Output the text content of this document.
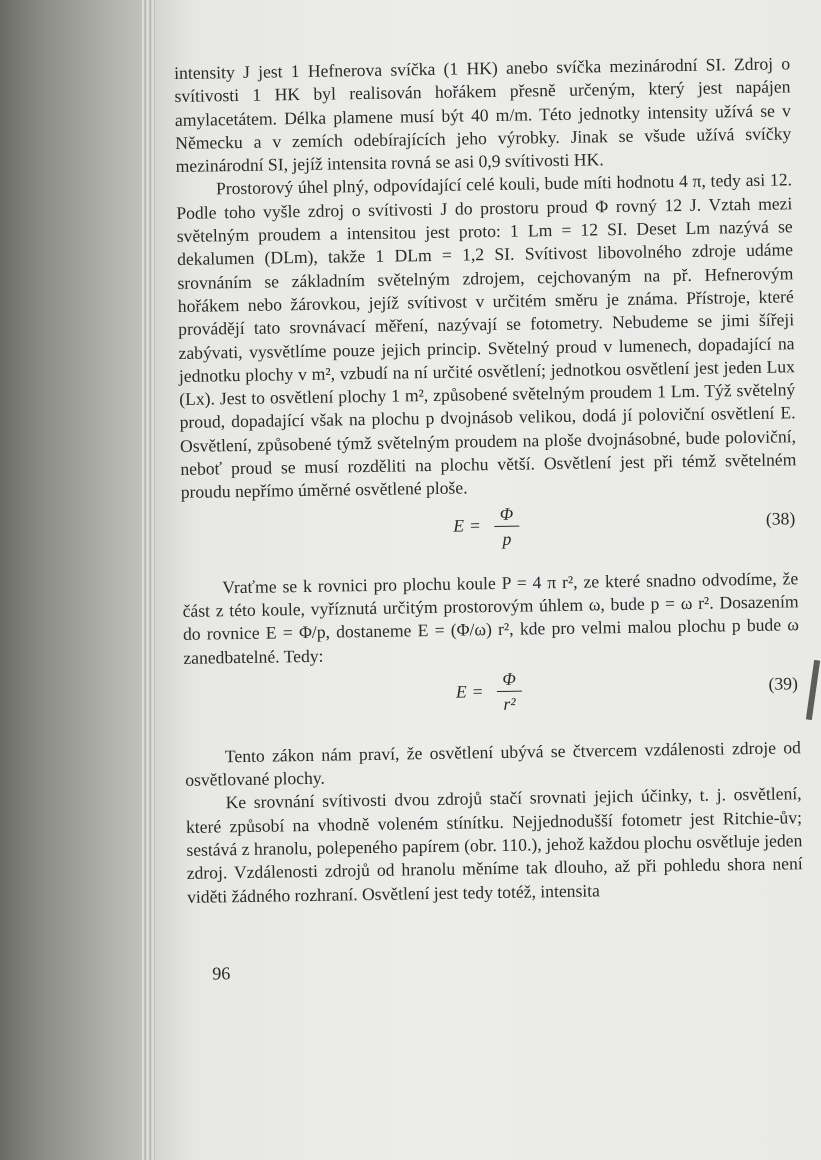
intensity J jest 1 Hefnerova svíčka (1 HK) anebo svíčka mezinárodní SI. Zdroj o svítivosti 1 HK byl realisován hořákem přesně určeným, který jest napájen amylacetátem. Délka plamene musí být 40 m/m. Této jednotky intensity užívá se v Německu a v zemích odebírajících jeho výrobky. Jinak se všude užívá svíčky mezinárodní SI, jejíž intensita rovná se asi 0,9 svítivosti HK.

Prostorový úhel plný, odpovídající celé kouli, bude míti hodnotu 4 π, tedy asi 12. Podle toho vyšle zdroj o svítivosti J do prostoru proud Φ rovný 12 J. Vztah mezi světelným proudem a intensitou jest proto: 1 Lm = 12 SI. Deset Lm nazývá se dekalumen (DLm), takže 1 DLm = 1,2 SI. Svítivost libovolného zdroje udáme srovnáním se základním světelným zdrojem, cejchovaným na př. Hefnerovým hořákem nebo žárovkou, jejíž svítivost v určitém směru je známa. Přístroje, které provádějí tato srovnávací měření, nazývají se fotometry. Nebudeme se jimi šířeji zabývati, vysvětlíme pouze jejich princip. Světelný proud v lumenech, dopadající na jednotku plochy v m², vzbudí na ní určité osvětlení; jednotkou osvětlení jest jeden Lux (Lx). Jest to osvětlení plochy 1 m², způsobené světelným proudem 1 Lm. Týž světelný proud, dopadající však na plochu p dvojnásob velikou, dodá jí poloviční osvětlení E. Osvětlení, způsobené týmž světelným proudem na ploše dvojnásobné, bude poloviční, neboť proud se musí rozděliti na plochu větší. Osvětlení jest při témž světelném proudu nepřímo úměrné osvětlené ploše.

$E = \frac{\Phi}{p}$	(38)

Vraťme se k rovnici pro plochu koule P = 4 π r², ze které snadno odvodíme, že část z této koule, vyříznutá určitým prostorovým úhlem ω, bude p = ω r². Dosazením do rovnice E = Φ/p, dostaneme E = (Φ/ω) r², kde pro velmi malou plochu p bude ω zanedbatelné. Tedy:

$E = \frac{\Phi}{\text{r²}}$	(39)

Tento zákon nám praví, že osvětlení ubývá se čtvercem vzdálenosti zdroje od osvětlované plochy.

Ke srovnání svítivosti dvou zdrojů stačí srovnati jejich účinky, t. j. osvětlení, které způsobí na vhodně voleném stínítku. Nejjednodušší fotometr jest Ritchie-ův; sestává z hranolu, polepeného papírem (obr. 110.), jehož každou plochu osvětluje jeden zdroj. Vzdálenosti zdrojů od hranolu měníme tak dlouho, až při pohledu shora není viděti žádného rozhraní. Osvětlení jest tedy totéž, intensita

96
